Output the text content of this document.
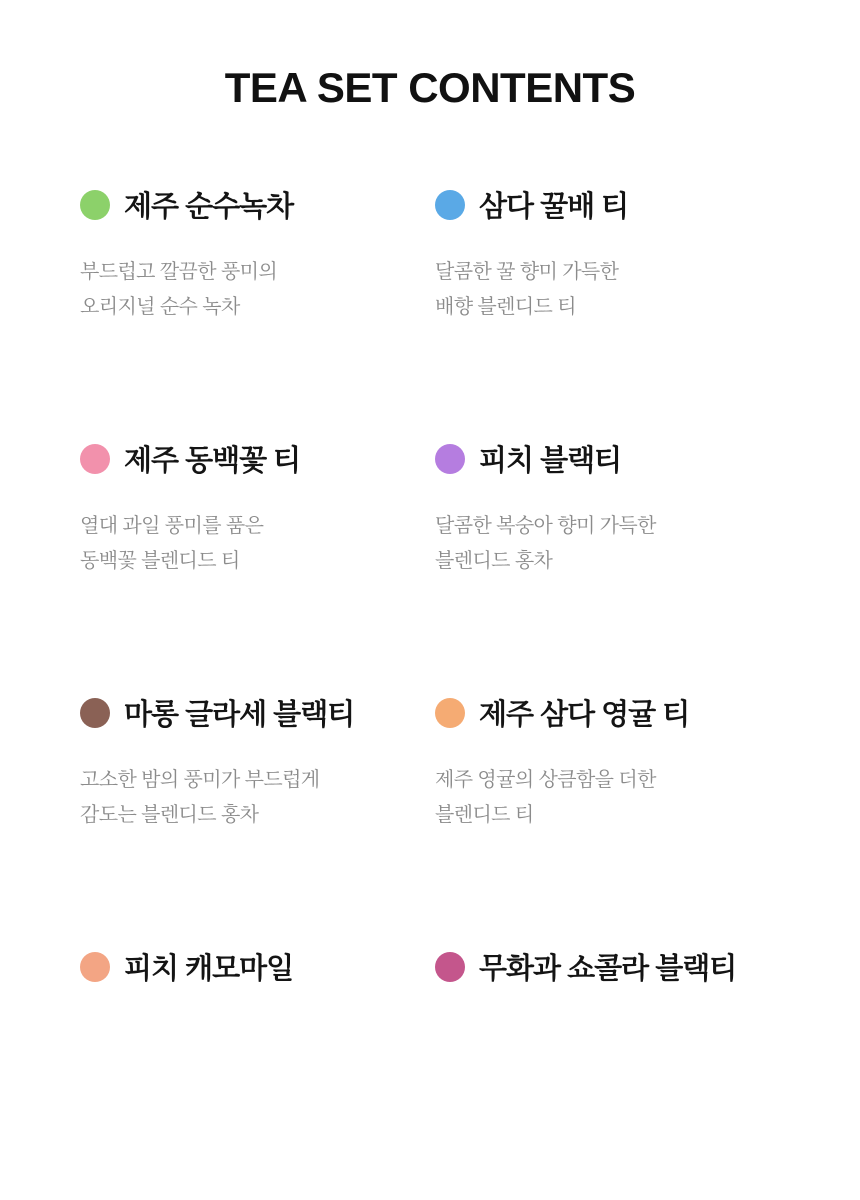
TEA SET CONTENTS
제주 순수녹차
부드럽고 깔끔한 풍미의
오리지널 순수 녹차
삼다 꿀배 티
달콤한 꿀 향미 가득한
배향 블렌디드 티
제주 동백꽃 티
열대 과일 풍미를 품은
동백꽃 블렌디드 티
피치 블랙티
달콤한 복숭아 향미 가득한
블렌디드 홍차
마롱 글라세 블랙티
고소한 밤의 풍미가 부드럽게
감도는 블렌디드 홍차
제주 삼다 영귤 티
제주 영귤의 상큼함을 더한
블렌디드 티
피치 캐모마일	무화과 쇼콜라 블랙티
